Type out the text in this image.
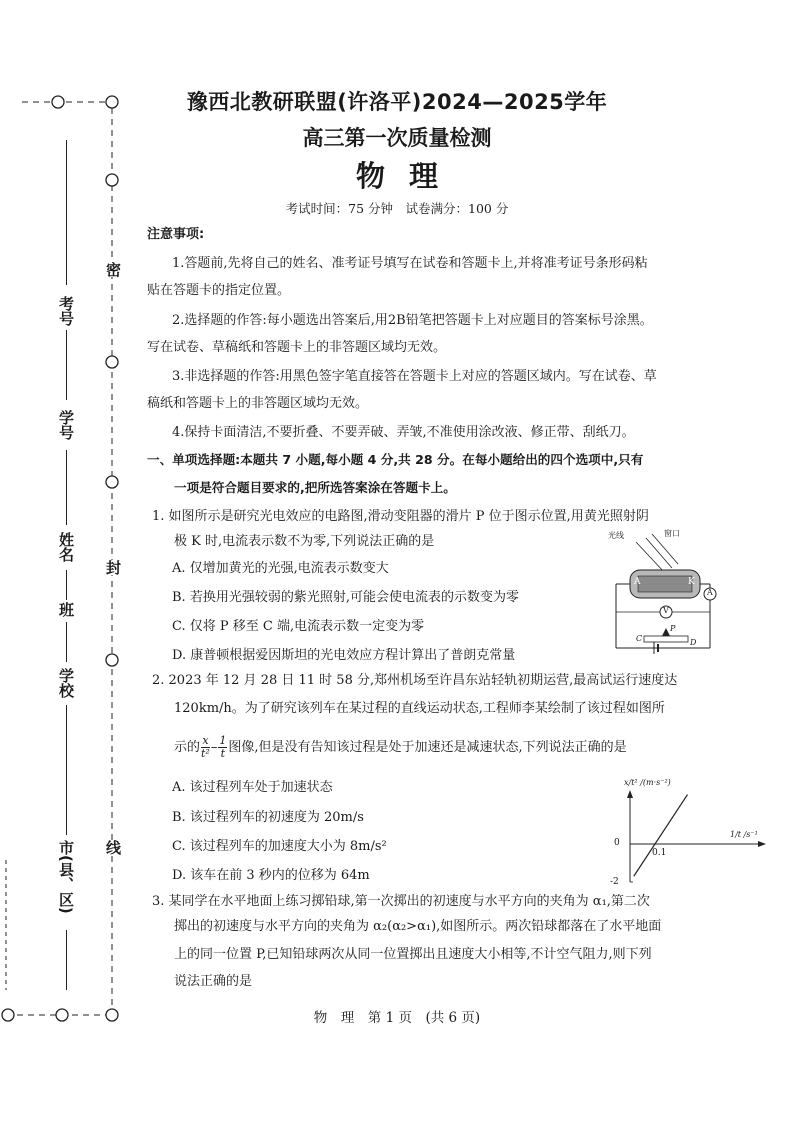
考号
学号
姓名
班
学校
市(县、区)
密
封
线
豫西北教研联盟(许洛平)2024—2025学年
高三第一次质量检测
物理
考试时间：75 分钟　试卷满分：100 分
注意事项:
1.答题前,先将自己的姓名、准考证号填写在试卷和答题卡上,并将准考证号条形码粘
贴在答题卡的指定位置。
2.选择题的作答:每小题选出答案后,用2B铅笔把答题卡上对应题目的答案标号涂黑。
写在试卷、草稿纸和答题卡上的非答题区域均无效。
3.非选择题的作答:用黑色签字笔直接答在答题卡上对应的答题区域内。写在试卷、草
稿纸和答题卡上的非答题区域均无效。
4.保持卡面清洁,不要折叠、不要弄破、弄皱,不准使用涂改液、修正带、刮纸刀。
一、单项选择题:本题共 7 小题,每小题 4 分,共 28 分。在每小题给出的四个选项中,只有
一项是符合题目要求的,把所选答案涂在答题卡上。
1. 如图所示是研究光电效应的电路图,滑动变阻器的滑片 P 位于图示位置,用黄光照射阴
极 K 时,电流表示数不为零,下列说法正确的是
A. 仅增加黄光的光强,电流表示数变大
B. 若换用光强较弱的紫光照射,可能会使电流表的示数变为零
C. 仅将 P 移至 C 端,电流表示数一定变为零
D. 康普顿根据爱因斯坦的光电效应方程计算出了普朗克常量
光线	窗口
A	K
V
A
P
C	D
2. 2023 年 12 月 28 日 11 时 58 分,郑州机场至许昌东站轻轨初期运营,最高试运行速度达
120km/h。为了研究该列车在某过程的直线运动状态,工程师李某绘制了该过程如图所
示的 $\frac{x}{\text{t²}} - \frac{1}{t}$ 图像,但是没有告知该过程是处于加速还是减速状态,下列说法正确的是
A. 该过程列车处于加速状态
B. 该过程列车的初速度为 20m/s
C. 该过程列车的加速度大小为 8m/s²
D. 该车在前 3 秒内的位移为 64m
x/t² /(m·s⁻²)
1/t /s⁻¹
0
0.1
-2
3. 某同学在水平地面上练习掷铅球,第一次掷出的初速度与水平方向的夹角为 α₁,第二次
掷出的初速度与水平方向的夹角为 α₂(α₂>α₁),如图所示。两次铅球都落在了水平地面
上的同一位置 P,已知铅球两次从同一位置掷出且速度大小相等,不计空气阻力,则下列
说法正确的是
物　理　第 1 页　(共 6 页)
